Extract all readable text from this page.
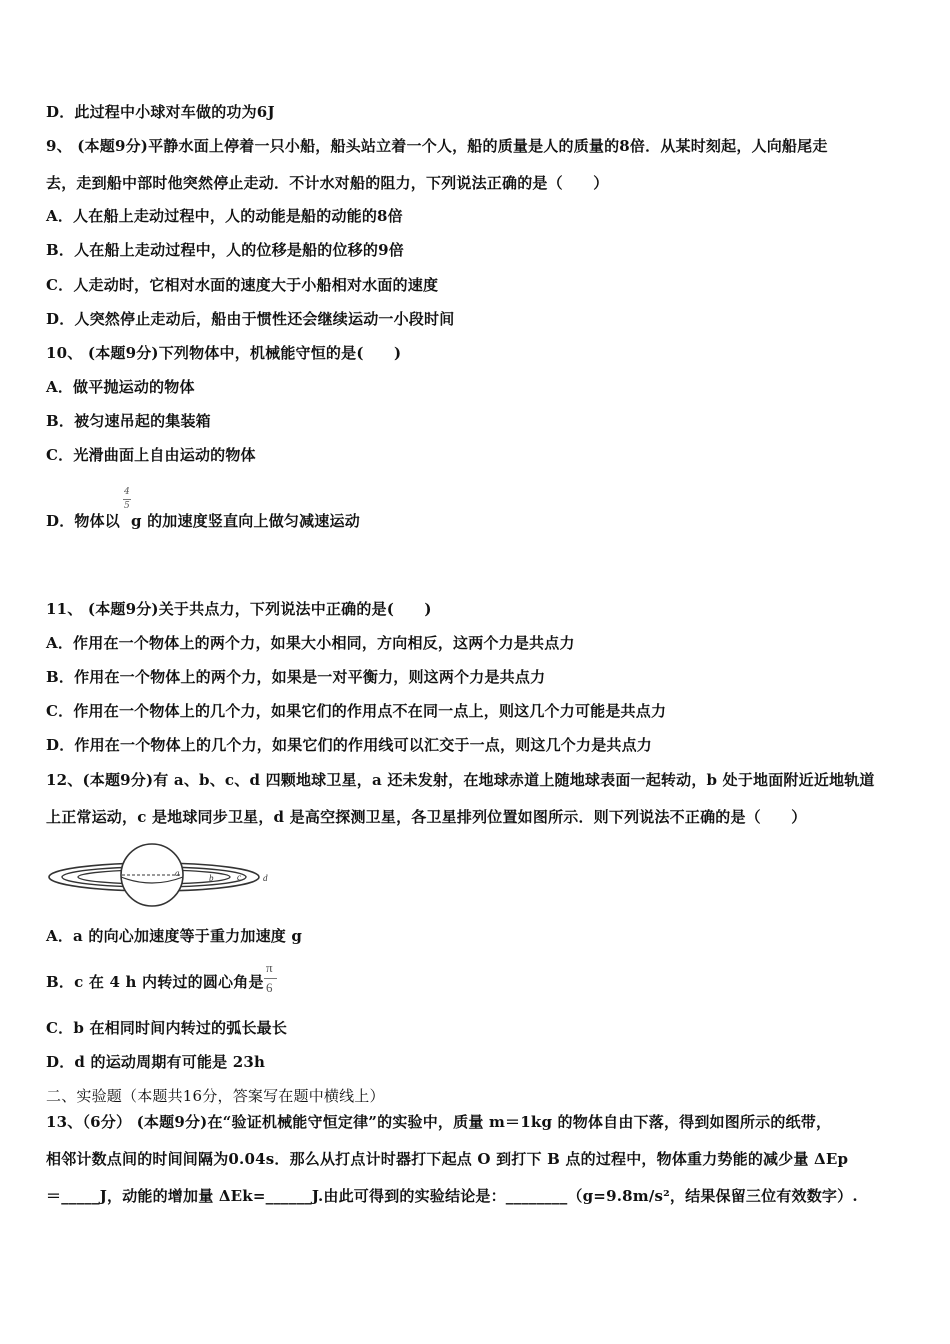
D．此过程中小球对车做的功为6J
9、 (本题9分)平静水面上停着一只小船，船头站立着一个人，船的质量是人的质量的8倍．从某时刻起，人向船尾走
去，走到船中部时他突然停止走动．不计水对船的阻力，下列说法正确的是（　　）
A．人在船上走动过程中，人的动能是船的动能的8倍
B．人在船上走动过程中，人的位移是船的位移的9倍
C．人走动时，它相对水面的速度大于小船相对水面的速度
D．人突然停止走动后，船由于惯性还会继续运动一小段时间
10、 (本题9分)下列物体中，机械能守恒的是(　　)
A．做平抛运动的物体
B．被匀速吊起的集装箱
C．光滑曲面上自由运动的物体
D．物体以
4
5
g 的加速度竖直向上做匀减速运动
11、 (本题9分)关于共点力，下列说法中正确的是(　　)
A．作用在一个物体上的两个力，如果大小相同，方向相反，这两个力是共点力
B．作用在一个物体上的两个力，如果是一对平衡力，则这两个力是共点力
C．作用在一个物体上的几个力，如果它们的作用点不在同一点上，则这几个力可能是共点力
D．作用在一个物体上的几个力，如果它们的作用线可以汇交于一点，则这几个力是共点力
12、(本题9分)有 a、b、c、d 四颗地球卫星，a 还未发射，在地球赤道上随地球表面一起转动，b 处于地面附近近地轨道
上正常运动，c 是地球同步卫星，d 是高空探测卫星，各卫星排列位置如图所示．则下列说法不正确的是（　　）
a	b	c d
A．a 的向心加速度等于重力加速度 g
B．c 在 4 h 内转过的圆心角是
π
6
C．b 在相同时间内转过的弧长最长
D．d 的运动周期有可能是 23h
二、实验题（本题共16分，答案写在题中横线上）
13、（6分） (本题9分)在“验证机械能守恒定律”的实验中，质量 m＝1kg 的物体自由下落，得到如图所示的纸带，
相邻计数点间的时间间隔为0.04s．那么从打点计时器打下起点 O 到打下 B 点的过程中，物体重力势能的减少量 ΔEp
＝_____J，动能的增加量 ΔEk=______J.由此可得到的实验结论是：________（g=9.8m/s²，结果保留三位有效数字）.
